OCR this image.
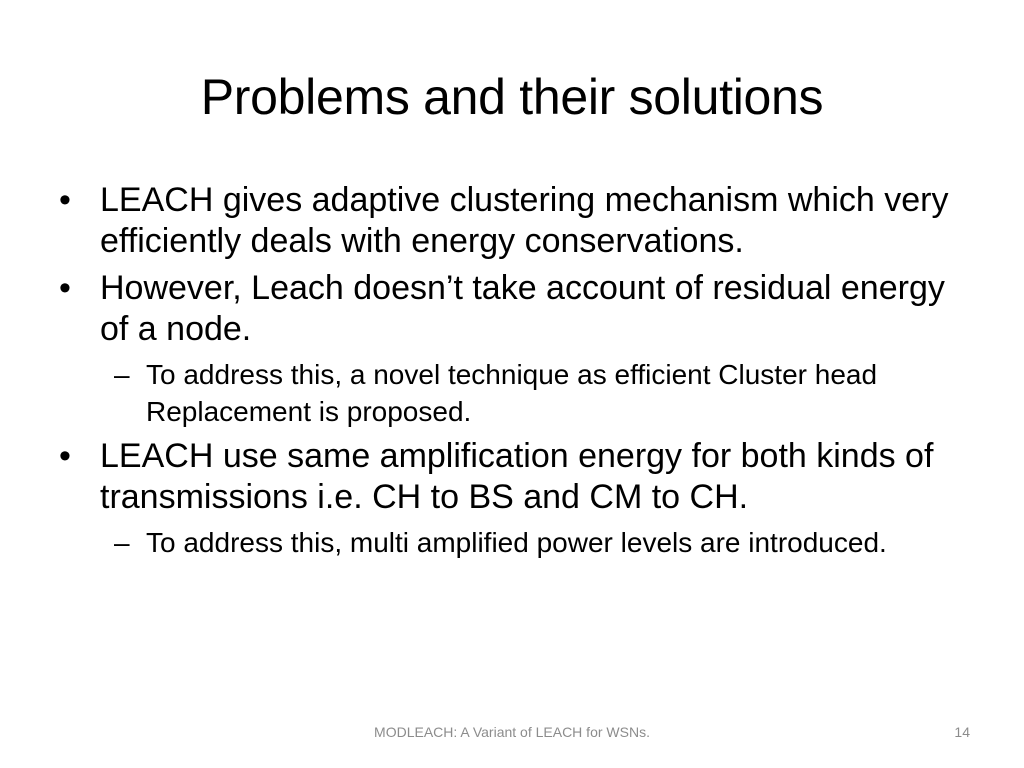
Problems and their solutions
• LEACH gives adaptive clustering mechanism which very efficiently deals with energy conservations.
• However, Leach doesn’t take account of residual energy of a node.
– To address this, a novel technique as efficient Cluster head Replacement is proposed.
• LEACH use same amplification energy for both kinds of transmissions i.e. CH to BS and CM to CH.
– To address this, multi amplified power levels are introduced.
MODLEACH: A Variant of LEACH for WSNs.	14
